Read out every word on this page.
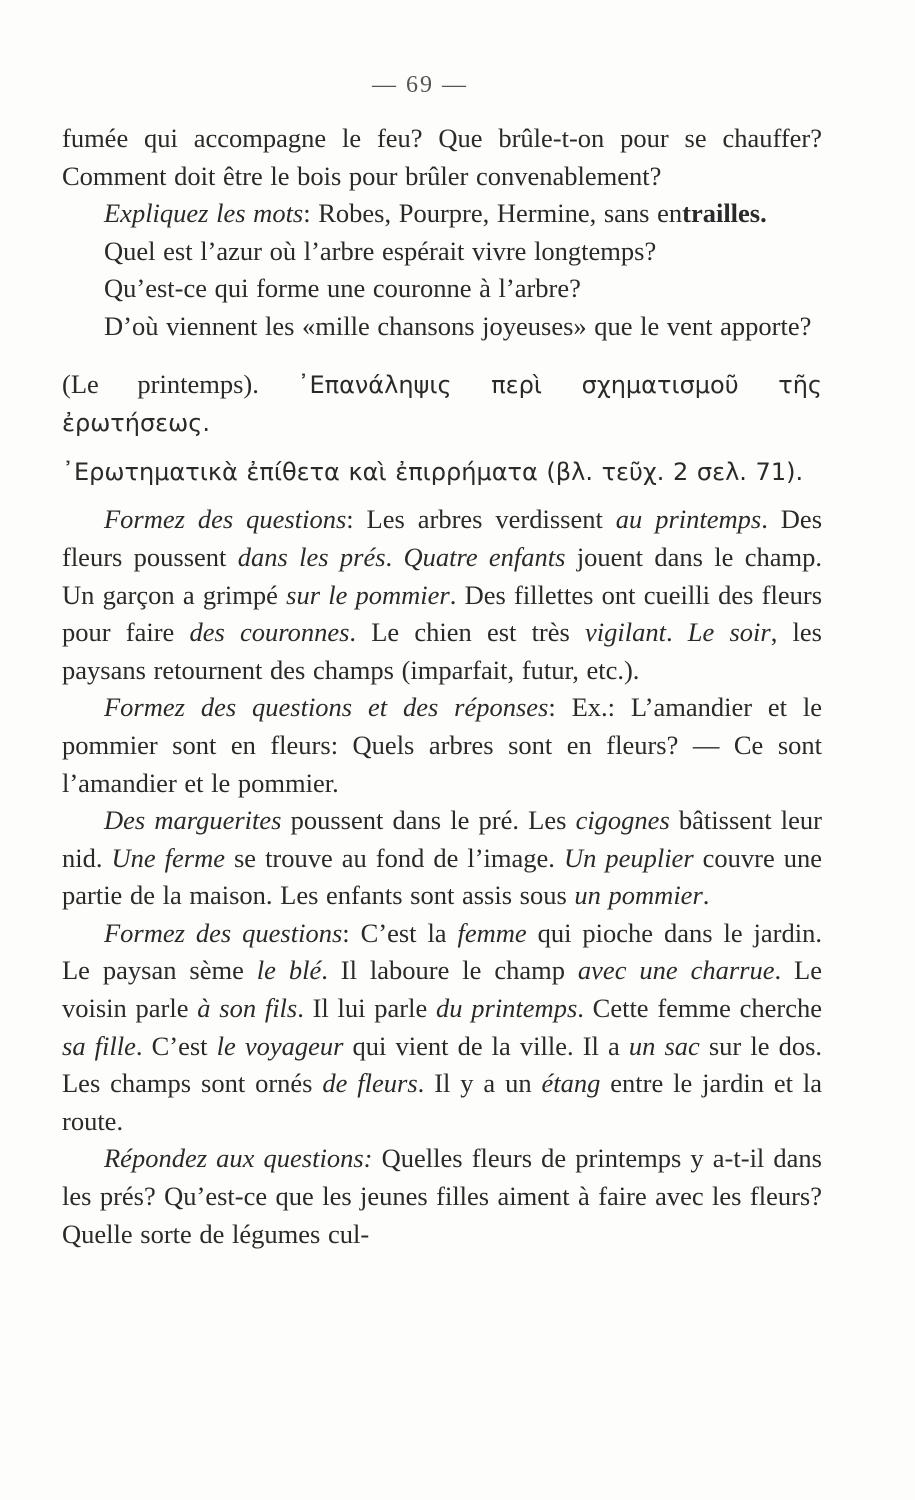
— 69 —

fumée qui accompagne le feu? Que brûle-t-on pour se chauffer? Comment doit être le bois pour brûler convenablement?

Expliquez les mots: Robes, Pourpre, Hermine, sans entrailles.

Quel est l’azur où l’arbre espérait vivre longtemps?

Qu’est-ce qui forme une couronne à l’arbre?

D’où viennent les «mille chansons joyeuses» que le vent apporte?

(Le printemps). ᾽Επανάληψις περὶ σχηματισμοῦ τῆς ἐρωτήσεως.

᾽Ερωτηματικὰ ἐπίθετα καὶ ἐπιρρήματα (βλ. τεῦχ. 2 σελ. 71).

Formez des questions: Les arbres verdissent au printemps. Des fleurs poussent dans les prés. Quatre enfants jouent dans le champ. Un garçon a grimpé sur le pommier. Des fillettes ont cueilli des fleurs pour faire des couronnes. Le chien est très vigilant. Le soir, les paysans retournent des champs (imparfait, futur, etc.).

Formez des questions et des réponses: Ex.: L’amandier et le pommier sont en fleurs: Quels arbres sont en fleurs? — Ce sont l’amandier et le pommier.

Des marguerites poussent dans le pré. Les cigognes bâtissent leur nid. Une ferme se trouve au fond de l’image. Un peuplier couvre une partie de la maison. Les enfants sont assis sous un pommier.

Formez des questions: C’est la femme qui pioche dans le jardin. Le paysan sème le blé. Il laboure le champ avec une charrue. Le voisin parle à son fils. Il lui parle du printemps. Cette femme cherche sa fille. C’est le voyageur qui vient de la ville. Il a un sac sur le dos. Les champs sont ornés de fleurs. Il y a un étang entre le jardin et la route.

Répondez aux questions: Quelles fleurs de printemps y a-t-il dans les prés? Qu’est-ce que les jeunes filles aiment à faire avec les fleurs? Quelle sorte de légumes cul-
